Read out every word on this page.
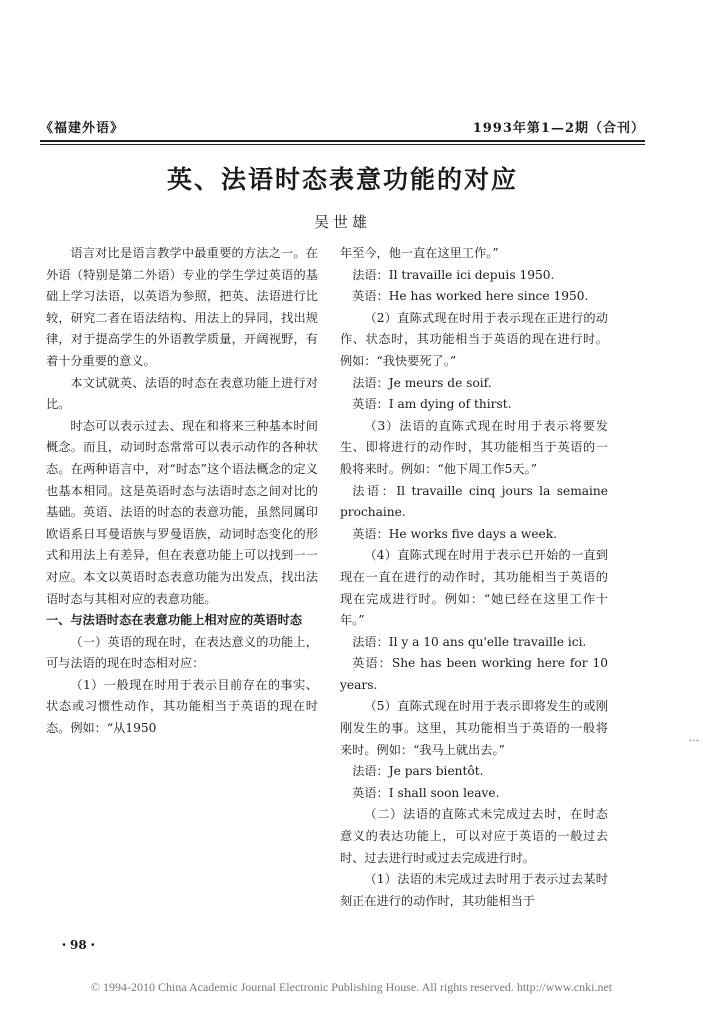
《福建外语》	1993年第1—2期（合刊）
英、法语时态表意功能的对应
吴世雄

语言对比是语言教学中最重要的方法之一。在外语（特别是第二外语）专业的学生学过英语的基础上学习法语，以英语为参照，把英、法语进行比较，研究二者在语法结构、用法上的异同，找出规律，对于提高学生的外语教学质量，开阔视野，有着十分重要的意义。

本文试就英、法语的时态在表意功能上进行对比。

时态可以表示过去、现在和将来三种基本时间概念。而且，动词时态常常可以表示动作的各种状态。在两种语言中，对“时态”这个语法概念的定义也基本相同。这是英语时态与法语时态之间对比的基础。英语、法语的时态的表意功能，虽然同属印欧语系日耳曼语族与罗曼语族，动词时态变化的形式和用法上有差异，但在表意功能上可以找到一一对应。本文以英语时态表意功能为出发点，找出法语时态与其相对应的表意功能。

一、与法语时态在表意功能上相对应的英语时态

（一）英语的现在时，在表达意义的功能上，可与法语的现在时态相对应：

（1）一般现在时用于表示目前存在的事实、状态或习惯性动作，其功能相当于英语的现在时态。例如：“从1950

年至今，他一直在这里工作。”

法语：Il travaille ici depuis 1950.

英语：He has worked here since 1950.

（2）直陈式现在时用于表示现在正进行的动作、状态时，其功能相当于英语的现在进行时。例如：“我快要死了。”

法语：Je meurs de soif.

英语：I am dying of thirst.

（3）法语的直陈式现在时用于表示将要发生、即将进行的动作时，其功能相当于英语的一般将来时。例如：“他下周工作5天。”

法语：Il travaille cinq jours la semaine prochaine.

英语：He works five days a week.

（4）直陈式现在时用于表示已开始的一直到现在一直在进行的动作时，其功能相当于英语的现在完成进行时。例如：“她已经在这里工作十年。”

法语：Il y a 10 ans qu'elle travaille ici.

英语：She has been working here for 10 years.

（5）直陈式现在时用于表示即将发生的或刚刚发生的事。这里，其功能相当于英语的一般将来时。例如：“我马上就出去。”

法语：Je pars bientôt.

英语：I shall soon leave.

（二）法语的直陈式未完成过去时，在时态意义的表达功能上，可以对应于英语的一般过去时、过去进行时或过去完成进行时。

（1）法语的未完成过去时用于表示过去某时刻正在进行的动作时，其功能相当于

・98・
…
© 1994-2010 China Academic Journal Electronic Publishing House. All rights reserved. http://www.cnki.net
